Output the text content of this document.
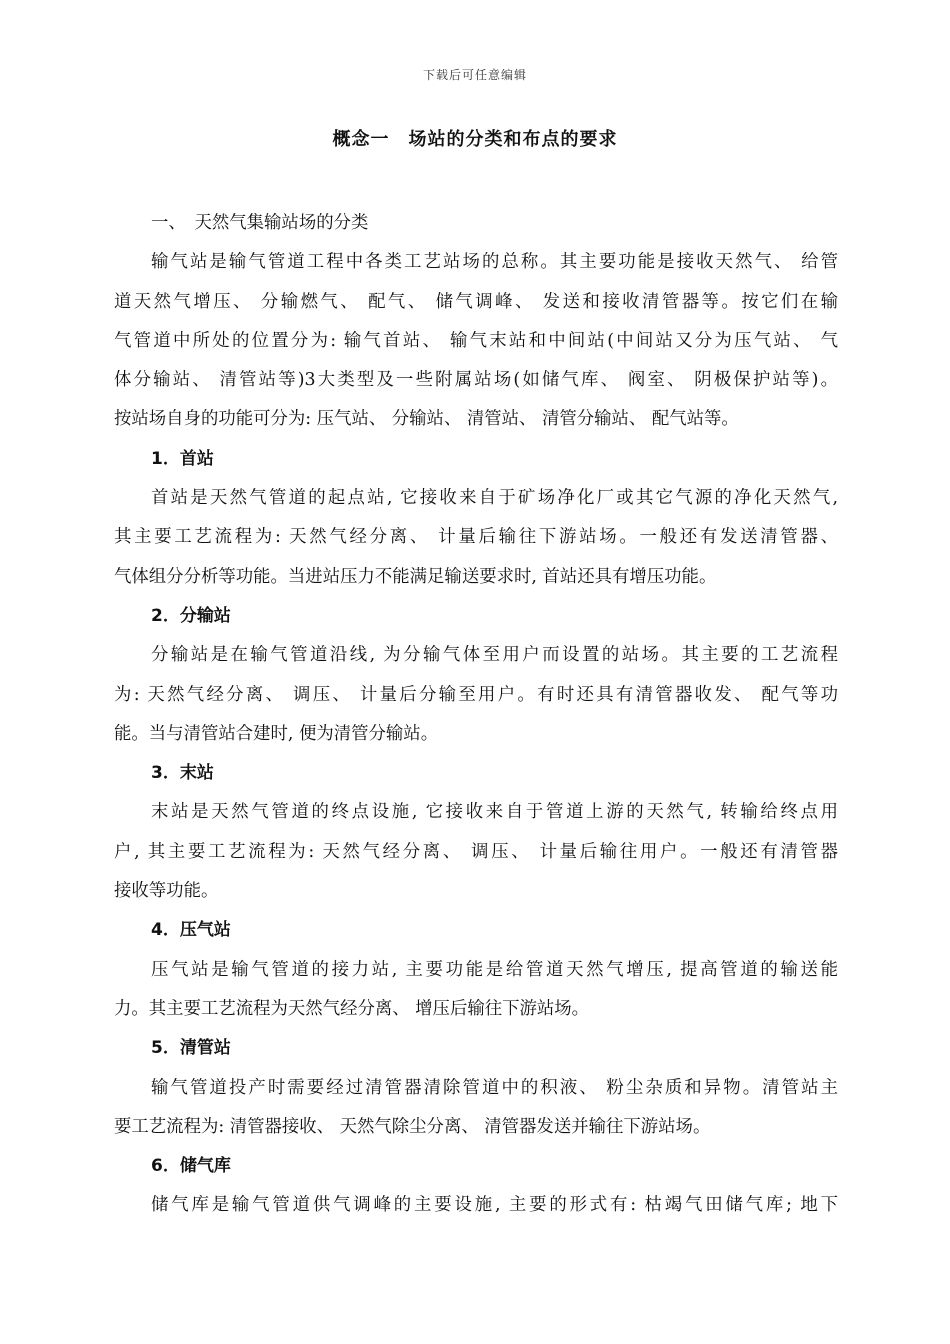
下载后可任意编辑
概念一　场站的分类和布点的要求
一、　天然气集输站场的分类
输气站是输气管道工程中各类工艺站场的总称。其主要功能是接收天然气、 给管
道天然气增压、 分输燃气、 配气、 储气调峰、 发送和接收清管器等。按它们在输
气管道中所处的位置分为: 输气首站、 输气末站和中间站(中间站又分为压气站、 气
体分输站、 清管站等)3大类型及一些附属站场(如储气库、 阀室、 阴极保护站等)。
按站场自身的功能可分为: 压气站、 分输站、 清管站、 清管分输站、 配气站等。
1．首站
首站是天然气管道的起点站, 它接收来自于矿场净化厂或其它气源的净化天然气,
其主要工艺流程为: 天然气经分离、 计量后输往下游站场。一般还有发送清管器、
气体组分分析等功能。当进站压力不能满足输送要求时, 首站还具有增压功能。
2．分输站
分输站是在输气管道沿线, 为分输气体至用户而设置的站场。其主要的工艺流程
为: 天然气经分离、 调压、 计量后分输至用户。有时还具有清管器收发、 配气等功
能。当与清管站合建时, 便为清管分输站。
3．末站
末站是天然气管道的终点设施, 它接收来自于管道上游的天然气, 转输给终点用
户, 其主要工艺流程为: 天然气经分离、 调压、 计量后输往用户。一般还有清管器
接收等功能。
4．压气站
压气站是输气管道的接力站, 主要功能是给管道天然气增压, 提高管道的输送能
力。其主要工艺流程为天然气经分离、 增压后输往下游站场。
5．清管站
输气管道投产时需要经过清管器清除管道中的积液、 粉尘杂质和异物。清管站主
要工艺流程为: 清管器接收、 天然气除尘分离、 清管器发送并输往下游站场。
6．储气库
储气库是输气管道供气调峰的主要设施, 主要的形式有: 枯竭气田储气库; 地下
